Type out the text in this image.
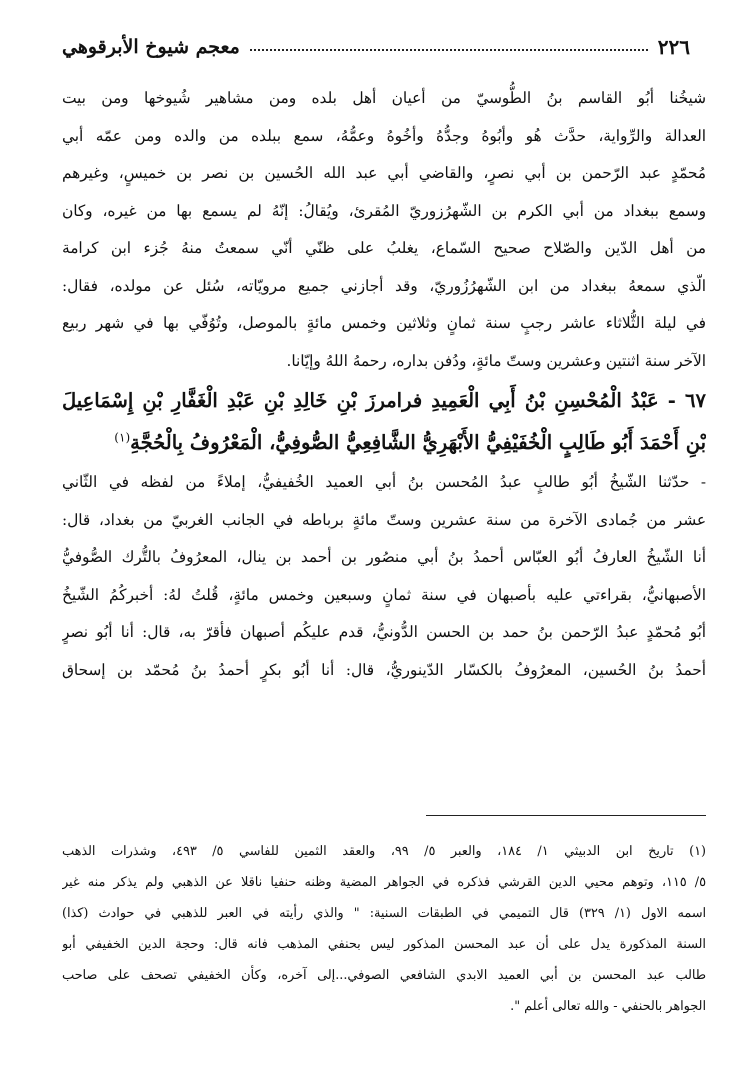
٢٢٦
معجم شيوخ الأبرقوهي
شيخُنا أبُو القاسم بنُ الطُّوسيّ من أعيان أهل بلده ومن مشاهير شُيوخها ومن بيت
العدالة والرِّواية، حدَّث هُو وأبُوهُ وجدُّهُ وأخُوهُ وعمُّهُ، سمع ببلده من والده ومن عمّه أبي
مُحمّدٍ عبد الرّحمن بن أبي نصرٍ، والقاضي أبي عبد الله الحُسين بن نصر بن خميسٍ، وغيرهم
وسمع ببغداد من أبي الكرم بن الشّهرُزوريّ المُقرئ، ويُقالُ: إنّهُ لم يسمع بها من غيره، وكان
من أهل الدّين والصّلاح صحيح السّماع، يغلبُ على ظنّي أنّي سمعتُ منهُ جُزء ابن كرامة
الّذي سمعهُ ببغداد من ابن الشّهرُزُوريّ، وقد أجازني جميع مرويّاته، سُئل عن مولده، فقال:
في ليلة الثُّلاثاء عاشر رجبٍ سنة ثمانٍ وثلاثين وخمس مائةٍ بالموصل، وتُوُفّي بها في شهر ربيع
الآخر سنة اثنتين وعشرين وستّ مائةٍ، ودُفن بداره، رحمهُ اللهُ وإيّانا.
٦٧ - عَبْدُ الْمُحْسِنِ بْنُ أَبِي الْعَمِيدِ فرامرزَ بْنِ خَالِدِ بْنِ عَبْدِ الْغَفَّارِ بْنِ إِسْمَاعِيلَ
بْنِ أَحْمَدَ أَبُو طَالِبٍ الْخُفَيْفِيُّ الأَبْهَرِيُّ الشَّافِعِيُّ الصُّوفِيُّ، الْمَعْرُوفُ بِالْحُجَّةِ$^{(١)}$
- حدّثنا الشّيخُ أبُو طالبٍ عبدُ المُحسن بنُ أبي العميد الخُفيفيُّ، إملاءً من لفظه في الثّاني
عشر من جُمادى الآخرة من سنة عشرين وستّ مائةٍ برباطه في الجانب الغربيّ من بغداد، قال:
أنا الشّيخُ العارفُ أبُو العبّاس أحمدُ بنُ أبي منصُور بن أحمد بن ينال، المعرُوفُ بالتُّرك الصُّوفيُّ
الأصبهانيُّ، بقراءتي عليه بأصبهان في سنة ثمانٍ وسبعين وخمس مائةٍ، قُلتُ لهُ: أخبركُمُ الشّيخُ
أبُو مُحمّدٍ عبدُ الرّحمن بنُ حمد بن الحسن الدُّونيُّ، قدم عليكُم أصبهان فأقرّ به، قال: أنا أبُو نصرٍ
أحمدُ بنُ الحُسين، المعرُوفُ بالكسّار الدّينوريُّ، قال: أنا أبُو بكرٍ أحمدُ بنُ مُحمّد بن إسحاق
(١) تاريخ ابن الدبيثي ١/ ١٨٤، والعبر ٥/ ٩٩، والعقد الثمين للفاسي ٥/ ٤٩٣، وشذرات الذهب
٥/ ١١٥، وتوهم محيي الدين القرشي فذكره في الجواهر المضية وظنه حنفيا ناقلا عن الذهبي ولم يذكر منه غير
اسمه الاول (١/ ٣٢٩) قال التميمي في الطبقات السنية: " والذي رأيته في العبر للذهبي في حوادث (كذا)
السنة المذكورة يدل على أن عبد المحسن المذكور ليس بحنفي المذهب فانه قال: وحجة الدين الخفيفي أبو
طالب عبد المحسن بن أبي العميد الابدي الشافعي الصوفي...إلى آخره، وكأن الخفيفي تصحف على صاحب
الجواهر بالحنفي - والله تعالى أعلم ".
